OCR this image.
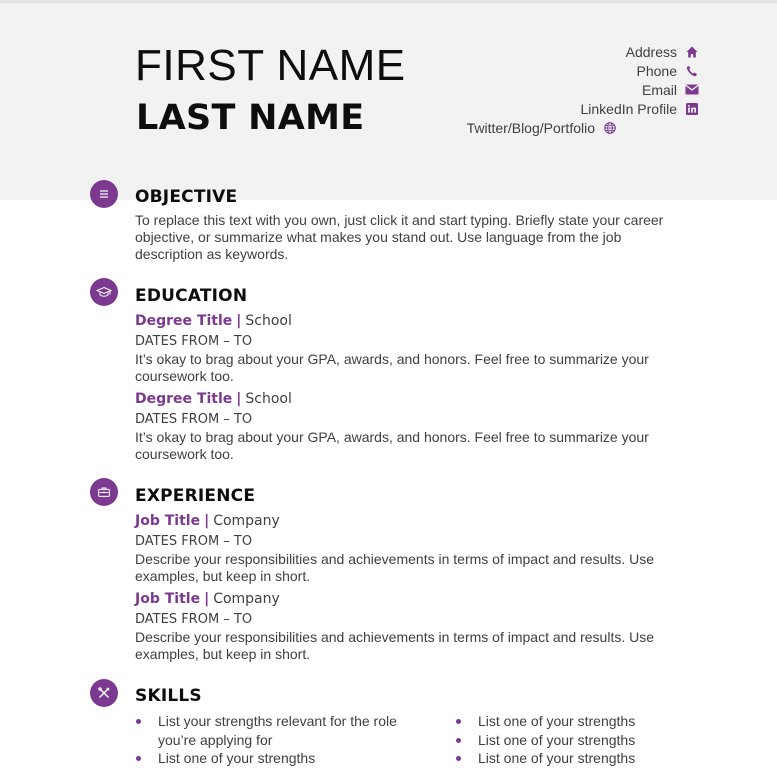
FIRST NAME
LAST NAME
Address
Phone
Email
LinkedIn Profile
Twitter/Blog/Portfolio
OBJECTIVE
To replace this text with you own, just click it and start typing. Briefly state your career objective, or summarize what makes you stand out. Use language from the job description as keywords.
EDUCATION
Degree Title | School
DATES FROM – TO
It’s okay to brag about your GPA, awards, and honors. Feel free to summarize your coursework too.
Degree Title | School
DATES FROM – TO
It’s okay to brag about your GPA, awards, and honors. Feel free to summarize your coursework too.
EXPERIENCE
Job Title | Company
DATES FROM – TO
Describe your responsibilities and achievements in terms of impact and results. Use examples, but keep in short.
Job Title | Company
DATES FROM – TO
Describe your responsibilities and achievements in terms of impact and results. Use examples, but keep in short.
SKILLS
List your strengths relevant for the role you’re applying for
List one of your strengths
List one of your strengths
List one of your strengths
List one of your strengths
